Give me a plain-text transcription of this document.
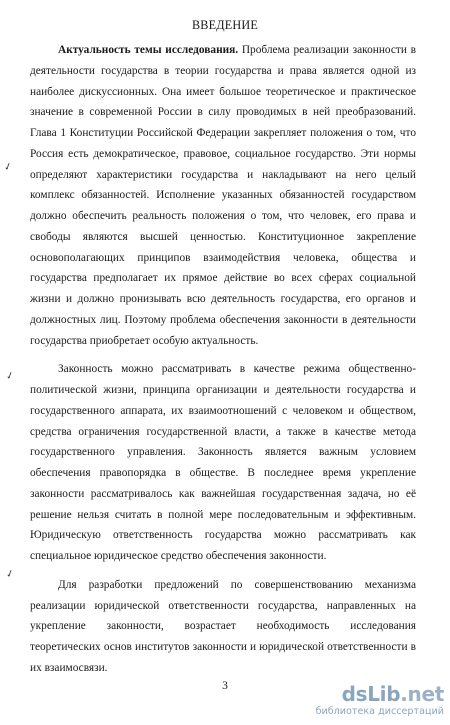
ВВЕДЕНИЕ

Актуальность темы исследования. Проблема реализации законности в деятельности государства в теории государства и права является одной из наиболее дискуссионных. Она имеет большое теоретическое и практическое значение в современной России в силу проводимых в ней преобразований. Глава 1 Конституции Российской Федерации закрепляет положения о том, что Россия есть демократическое, правовое, социальное государство. Эти нормы определяют характеристики государства и накладывают на него целый комплекс обязанностей. Исполнение указанных обязанностей государством должно обеспечить реальность положения о том, что человек, его права и свободы являются высшей ценностью. Конституционное закрепление основополагающих принципов взаимодействия человека, общества и государства предполагает их прямое действие во всех сферах социальной жизни и должно пронизывать всю деятельность государства, его органов и должностных лиц. Поэтому проблема обеспечения законности в деятельности государства приобретает особую актуальность.

Законность можно рассматривать в качестве режима общественно-политической жизни, принципа организации и деятельности государства и государственного аппарата, их взаимоотношений с человеком и обществом, средства ограничения государственной власти, а также в качестве метода государственного управления. Законность является важным условием обеспечения правопорядка в обществе. В последнее время укрепление законности рассматривалось как важнейшая государственная задача, но её решение нельзя считать в полной мере последовательным и эффективным. Юридическую ответственность государства можно рассматривать как специальное юридическое средство обеспечения законности.

Для разработки предложений по совершенствованию механизма реализации юридической ответственности государства, направленных на укрепление законности, возрастает необходимость исследования теоретических основ институтов законности и юридической ответственности в их взаимосвязи.

✓
✓
✓
3	dsLib.net
библиотека диссертаций
